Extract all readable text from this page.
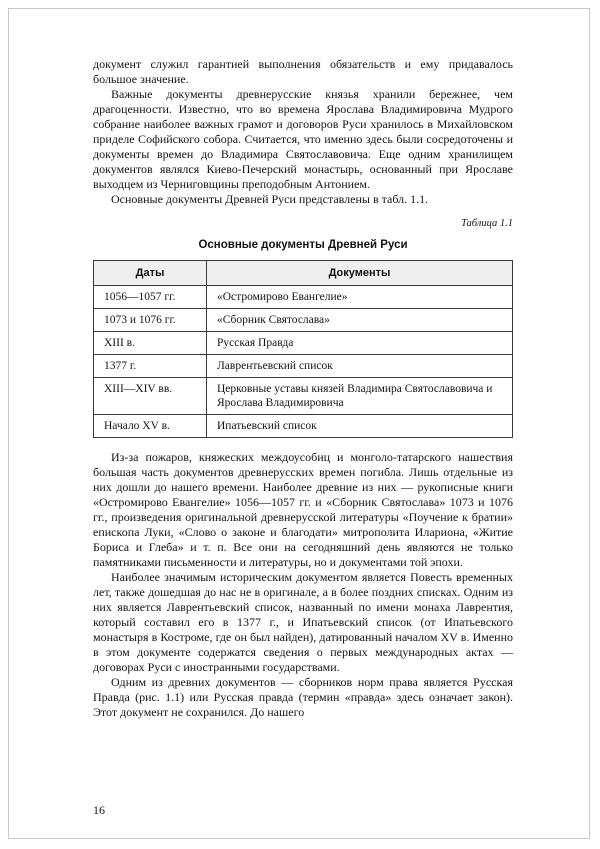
документ служил гарантией выполнения обязательств и ему придавалось большое значение.

Важные документы древнерусские князья хранили бережнее, чем драгоценности. Известно, что во времена Ярослава Владимировича Мудрого собрание наиболее важных грамот и договоров Руси хранилось в Михайловском приделе Софийского собора. Считается, что именно здесь были сосредоточены и документы времен до Владимира Святославовича. Еще одним хранилищем документов являлся Киево-Печерский монастырь, основанный при Ярославе выходцем из Черниговщины преподобным Антонием.

Основные документы Древней Руси представлены в табл. 1.1.

Таблица 1.1
Основные документы Древней Руси
Даты	Документы
1056—1057 гг.	«Остромирово Евангелие»
1073 и 1076 гг.	«Сборник Святослава»
XIII в.	Русская Правда
1377 г.	Лаврентьевский список
XIII—XIV вв.	Церковные уставы князей Владимира Святославовича и Ярослава Владимировича
Начало XV в.	Ипатьевский список

Из-за пожаров, княжеских междоусобиц и монголо-татарского нашествия большая часть документов древнерусских времен погибла. Лишь отдельные из них дошли до нашего времени. Наиболее древние из них — рукописные книги «Остромирово Евангелие» 1056—1057 гг. и «Сборник Святослава» 1073 и 1076 гг., произведения оригинальной древнерусской литературы «Поучение к братии» епископа Луки, «Слово о законе и благодати» митрополита Илариона, «Житие Бориса и Глеба» и т. п. Все они на сегодняшний день являются не только памятниками письменности и литературы, но и документами той эпохи.

Наиболее значимым историческим документом является Повесть временных лет, также дошедшая до нас не в оригинале, а в более поздних списках. Одним из них является Лаврентьевский список, названный по имени монаха Лаврентия, который составил его в 1377 г., и Ипатьевский список (от Ипатьевского монастыря в Костроме, где он был найден), датированный началом XV в. Именно в этом документе содержатся сведения о первых международных актах — договорах Руси с иностранными государствами.

Одним из древних документов — сборников норм права является Русская Правда (рис. 1.1) или Русская правда (термин «правда» здесь означает закон). Этот документ не сохранился. До нашего

16
